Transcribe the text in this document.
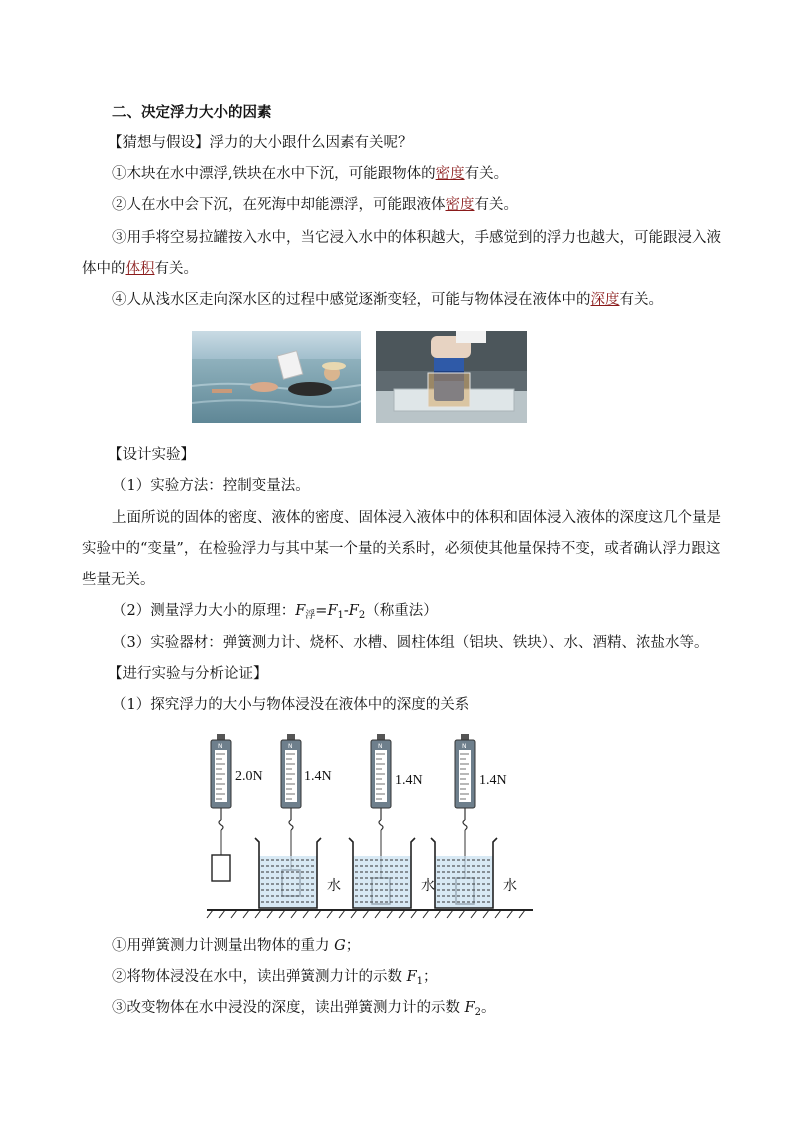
二、决定浮力大小的因素
【猜想与假设】浮力的大小跟什么因素有关呢？
①木块在水中漂浮,铁块在水中下沉，可能跟物体的密度有关。
②人在水中会下沉，在死海中却能漂浮，可能跟液体密度有关。
③用手将空易拉罐按入水中，当它浸入水中的体积越大，手感觉到的浮力也越大，可能跟浸入液
体中的体积有关。
④人从浅水区走向深水区的过程中感觉逐渐变轻，可能与物体浸在液体中的深度有关。
【设计实验】
（1）实验方法：控制变量法。
上面所说的固体的密度、液体的密度、固体浸入液体中的体积和固体浸入液体的深度这几个量是
实验中的“变量”，在检验浮力与其中某一个量的关系时，必须使其他量保持不变，或者确认浮力跟这
些量无关。
（2）测量浮力大小的原理：$F_浮=F_1-F_2$（称重法）
（3）实验器材：弹簧测力计、烧杯、水槽、圆柱体组（铝块、铁块）、水、酒精、浓盐水等。
【进行实验与分析论证】
（1）探究浮力的大小与物体浸没在液体中的深度的关系
N
2.0N
N
1.4N
N
1.4N
N
1.4N
水	水	水
①用弹簧测力计测量出物体的重力 G；
②将物体浸没在水中，读出弹簧测力计的示数 $F_1$；
③改变物体在水中浸没的深度，读出弹簧测力计的示数 $F_2$。
